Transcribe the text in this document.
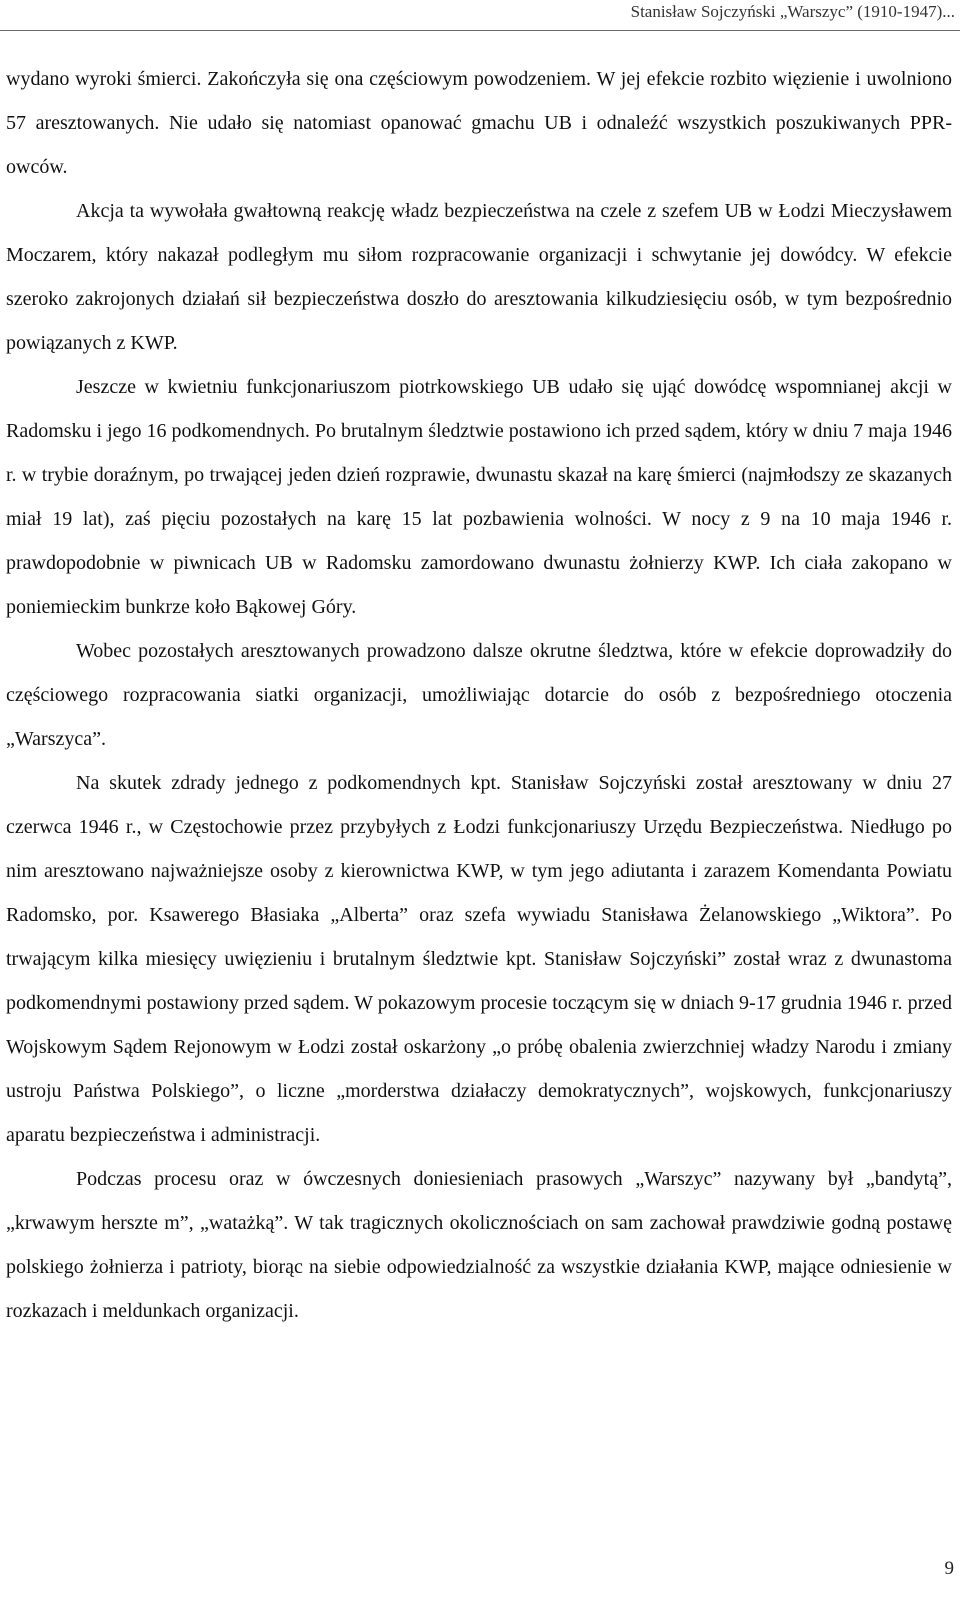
Stanisław Sojczyński „Warszyc” (1910-1947)...

wydano wyroki śmierci. Zakończyła się ona częściowym powodzeniem. W jej efekcie rozbito więzienie i uwolniono 57 aresztowanych. Nie udało się natomiast opanować gmachu UB i odnaleźć wszystkich poszukiwanych PPR-owców.

Akcja ta wywołała gwałtowną reakcję władz bezpieczeństwa na czele z szefem UB w Łodzi Mieczysławem Moczarem, który nakazał podległym mu siłom rozpracowanie organizacji i schwytanie jej dowódcy. W efekcie szeroko zakrojonych działań sił bezpieczeństwa doszło do aresztowania kilkudziesięciu osób, w tym bezpośrednio powiązanych z KWP.

Jeszcze w kwietniu funkcjonariuszom piotrkowskiego UB udało się ująć dowódcę wspomnianej akcji w Radomsku i jego 16 podkomendnych. Po brutalnym śledztwie postawiono ich przed sądem, który w dniu 7 maja 1946 r. w trybie doraźnym, po trwającej jeden dzień rozprawie, dwunastu skazał na karę śmierci (najmłodszy ze skazanych miał 19 lat), zaś pięciu pozostałych na karę 15 lat pozbawienia wolności. W nocy z 9 na 10 maja 1946 r. prawdopodobnie w piwnicach UB w Radomsku zamordowano dwunastu żołnierzy KWP. Ich ciała zakopano w poniemieckim bunkrze koło Bąkowej Góry.

Wobec pozostałych aresztowanych prowadzono dalsze okrutne śledztwa, które w efekcie doprowadziły do częściowego rozpracowania siatki organizacji, umożliwiając dotarcie do osób z bezpośredniego otoczenia „Warszyca”.

Na skutek zdrady jednego z podkomendnych kpt. Stanisław Sojczyński został aresztowany w dniu 27 czerwca 1946 r., w Częstochowie przez przybyłych z Łodzi funkcjonariuszy Urzędu Bezpieczeństwa. Niedługo po nim aresztowano najważniejsze osoby z kierownictwa KWP, w tym jego adiutanta i zarazem Komendanta Powiatu Radomsko, por. Ksawerego Błasiaka „Alberta” oraz szefa wywiadu Stanisława Żelanowskiego „Wiktora”. Po trwającym kilka miesięcy uwięzieniu i brutalnym śledztwie kpt. Stanisław Sojczyński” został wraz z dwunastoma podkomendnymi postawiony przed sądem. W pokazowym procesie toczącym się w dniach 9-17 grudnia 1946 r. przed Wojskowym Sądem Rejonowym w Łodzi został oskarżony „o próbę obalenia zwierzchniej władzy Narodu i zmiany ustroju Państwa Polskiego”, o liczne „morderstwa działaczy demokratycznych”, wojskowych, funkcjonariuszy aparatu bezpieczeństwa i administracji.

Podczas procesu oraz w ówczesnych doniesieniach prasowych „Warszyc” nazywany był „bandytą”, „krwawym herszte m”, „watażką”. W tak tragicznych okolicznościach on sam zachował prawdziwie godną postawę polskiego żołnierza i patrioty, biorąc na siebie odpowiedzialność za wszystkie działania KWP, mające odniesienie w rozkazach i meldunkach organizacji.

9
